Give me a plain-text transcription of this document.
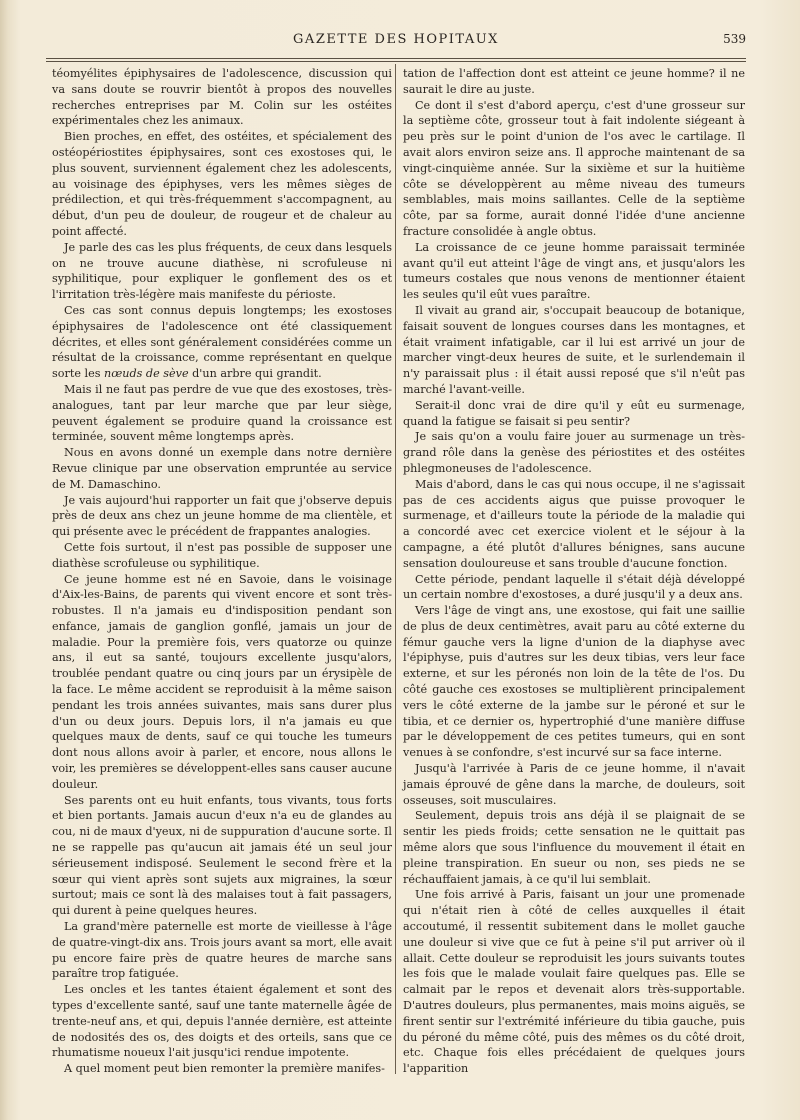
GAZETTE DES HOPITAUX	539

téomyélites épiphysaires de l'adolescence, discussion qui va sans doute se rouvrir bientôt à propos des nouvelles recherches entreprises par M. Colin sur les ostéites expérimentales chez les animaux.

Bien proches, en effet, des ostéites, et spécialement des ostéopériostites épiphysaires, sont ces exostoses qui, le plus souvent, surviennent également chez les adolescents, au voisinage des épiphyses, vers les mêmes sièges de prédilection, et qui très-fréquemment s'accompagnent, au début, d'un peu de douleur, de rougeur et de chaleur au point affecté.

Je parle des cas les plus fréquents, de ceux dans lesquels on ne trouve aucune diathèse, ni scrofuleuse ni syphilitique, pour expliquer le gonflement des os et l'irritation très-légère mais manifeste du périoste.

Ces cas sont connus depuis longtemps; les exostoses épiphysaires de l'adolescence ont été classiquement décrites, et elles sont généralement considérées comme un résultat de la croissance, comme représentant en quelque sorte les nœuds de sève d'un arbre qui grandit.

Mais il ne faut pas perdre de vue que des exostoses, très-analogues, tant par leur marche que par leur siège, peuvent également se produire quand la croissance est terminée, souvent même longtemps après.

Nous en avons donné un exemple dans notre dernière Revue clinique par une observation empruntée au service de M. Damaschino.

Je vais aujourd'hui rapporter un fait que j'observe depuis près de deux ans chez un jeune homme de ma clientèle, et qui présente avec le précédent de frappantes analogies.

Cette fois surtout, il n'est pas possible de supposer une diathèse scrofuleuse ou syphilitique.

Ce jeune homme est né en Savoie, dans le voisinage d'Aix-les-Bains, de parents qui vivent encore et sont très-robustes. Il n'a jamais eu d'indisposition pendant son enfance, jamais de ganglion gonflé, jamais un jour de maladie. Pour la première fois, vers quatorze ou quinze ans, il eut sa santé, toujours excellente jusqu'alors, troublée pendant quatre ou cinq jours par un érysipèle de la face. Le même accident se reproduisit à la même saison pendant les trois années suivantes, mais sans durer plus d'un ou deux jours. Depuis lors, il n'a jamais eu que quelques maux de dents, sauf ce qui touche les tumeurs dont nous allons avoir à parler, et encore, nous allons le voir, les premières se développent-elles sans causer aucune douleur.

Ses parents ont eu huit enfants, tous vivants, tous forts et bien portants. Jamais aucun d'eux n'a eu de glandes au cou, ni de maux d'yeux, ni de suppuration d'aucune sorte. Il ne se rappelle pas qu'aucun ait jamais été un seul jour sérieusement indisposé. Seulement le second frère et la sœur qui vient après sont sujets aux migraines, la sœur surtout; mais ce sont là des malaises tout à fait passagers, qui durent à peine quelques heures.

La grand'mère paternelle est morte de vieillesse à l'âge de quatre-vingt-dix ans. Trois jours avant sa mort, elle avait pu encore faire près de quatre heures de marche sans paraître trop fatiguée.

Les oncles et les tantes étaient également et sont des types d'excellente santé, sauf une tante maternelle âgée de trente-neuf ans, et qui, depuis l'année dernière, est atteinte de nodosités des os, des doigts et des orteils, sans que ce rhumatisme noueux l'ait jusqu'ici rendue impotente.

A quel moment peut bien remonter la première manifes-

tation de l'affection dont est atteint ce jeune homme? il ne saurait le dire au juste.

Ce dont il s'est d'abord aperçu, c'est d'une grosseur sur la septième côte, grosseur tout à fait indolente siégeant à peu près sur le point d'union de l'os avec le cartilage. Il avait alors environ seize ans. Il approche maintenant de sa vingt-cinquième année. Sur la sixième et sur la huitième côte se développèrent au même niveau des tumeurs semblables, mais moins saillantes. Celle de la septième côte, par sa forme, aurait donné l'idée d'une ancienne fracture consolidée à angle obtus.

La croissance de ce jeune homme paraissait terminée avant qu'il eut atteint l'âge de vingt ans, et jusqu'alors les tumeurs costales que nous venons de mentionner étaient les seules qu'il eût vues paraître.

Il vivait au grand air, s'occupait beaucoup de botanique, faisait souvent de longues courses dans les montagnes, et était vraiment infatigable, car il lui est arrivé un jour de marcher vingt-deux heures de suite, et le surlendemain il n'y paraissait plus : il était aussi reposé que s'il n'eût pas marché l'avant-veille.

Serait-il donc vrai de dire qu'il y eût eu surmenage, quand la fatigue se faisait si peu sentir?

Je sais qu'on a voulu faire jouer au surmenage un très-grand rôle dans la genèse des périostites et des ostéites phlegmoneuses de l'adolescence.

Mais d'abord, dans le cas qui nous occupe, il ne s'agissait pas de ces accidents aigus que puisse provoquer le surmenage, et d'ailleurs toute la période de la maladie qui a concordé avec cet exercice violent et le séjour à la campagne, a été plutôt d'allures bénignes, sans aucune sensation douloureuse et sans trouble d'aucune fonction.

Cette période, pendant laquelle il s'était déjà développé un certain nombre d'exostoses, a duré jusqu'il y a deux ans.

Vers l'âge de vingt ans, une exostose, qui fait une saillie de plus de deux centimètres, avait paru au côté externe du fémur gauche vers la ligne d'union de la diaphyse avec l'épiphyse, puis d'autres sur les deux tibias, vers leur face externe, et sur les péronés non loin de la tête de l'os. Du côté gauche ces exostoses se multiplièrent principalement vers le côté externe de la jambe sur le péroné et sur le tibia, et ce dernier os, hypertrophié d'une manière diffuse par le développement de ces petites tumeurs, qui en sont venues à se confondre, s'est incurvé sur sa face interne.

Jusqu'à l'arrivée à Paris de ce jeune homme, il n'avait jamais éprouvé de gêne dans la marche, de douleurs, soit osseuses, soit musculaires.

Seulement, depuis trois ans déjà il se plaignait de se sentir les pieds froids; cette sensation ne le quittait pas même alors que sous l'influence du mouvement il était en pleine transpiration. En sueur ou non, ses pieds ne se réchauffaient jamais, à ce qu'il lui semblait.

Une fois arrivé à Paris, faisant un jour une promenade qui n'était rien à côté de celles auxquelles il était accoutumé, il ressentit subitement dans le mollet gauche une douleur si vive que ce fut à peine s'il put arriver où il allait. Cette douleur se reproduisit les jours suivants toutes les fois que le malade voulait faire quelques pas. Elle se calmait par le repos et devenait alors très-supportable. D'autres douleurs, plus permanentes, mais moins aiguës, se firent sentir sur l'extrémité inférieure du tibia gauche, puis du péroné du même côté, puis des mêmes os du côté droit, etc. Chaque fois elles précédaient de quelques jours l'apparition
